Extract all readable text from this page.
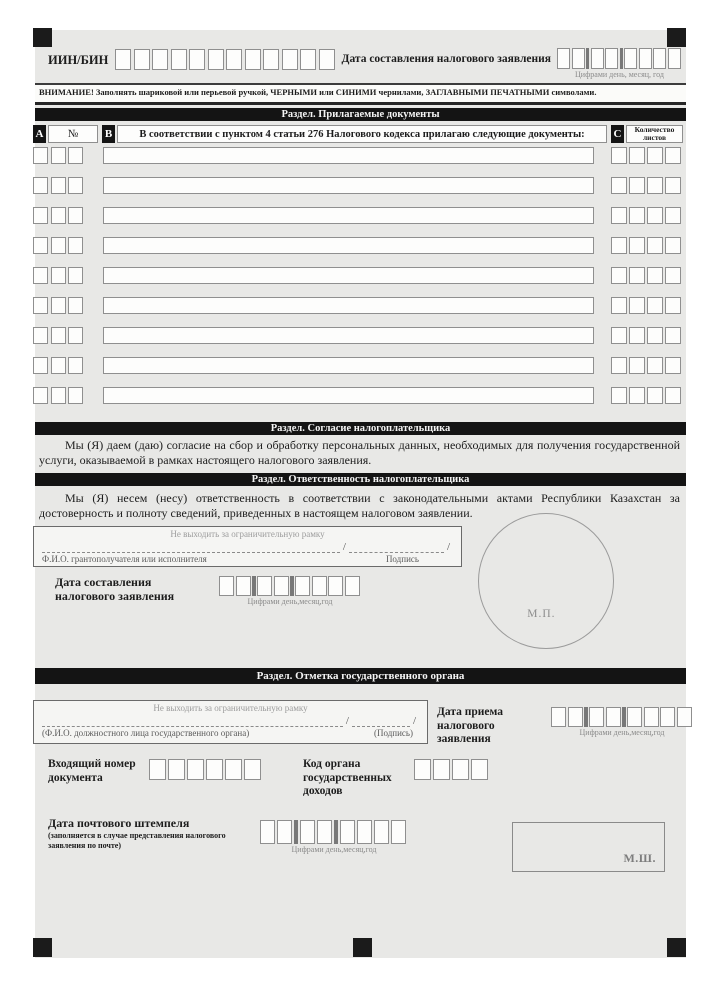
ИИН/БИН	Дата составления налогового заявления
Цифрами день, месяц, год
ВНИМАНИЕ! Заполнять шариковой или перьевой ручкой, ЧЕРНЫМИ или СИНИМИ чернилами, ЗАГЛАВНЫМИ ПЕЧАТНЫМИ символами.
Раздел. Прилагаемые документы
A	№	B	В соответствии с пунктом 4 статьи 276 Налогового кодекса прилагаю следующие документы:	C	Количество листов
Раздел. Согласие налогоплательщика
Мы (Я) даем (даю) согласие на сбор и обработку персональных данных, необходимых для получения государственной услуги, оказываемой в рамках настоящего налогового заявления.
Раздел. Ответственность налогоплательщика
Мы (Я) несем (несу) ответственность в соответствии с законодательными актами Республики Казахстан за достоверность и полноту сведений, приведенных в настоящем налоговом заявлении.
Не выходить за ограничительную рамку
/	/
Ф.И.О. грантополучателя или исполнителя	Подпись
Дата составления налогового заявления	Цифрами день,месяц,год
М.П.
Раздел. Отметка государственного органа
Не выходить за ограничительную рамку
/	/
(Ф.И.О. должностного лица государственного органа)	(Подпись)
Дата приема налогового заявления
Цифрами день,месяц,год
Входящий номер документа
Код органа государственных доходов
Дата почтового штемпеля
(заполняется в случае представления налогового заявления по почте)	Цифрами день,месяц,год
М.Ш.
